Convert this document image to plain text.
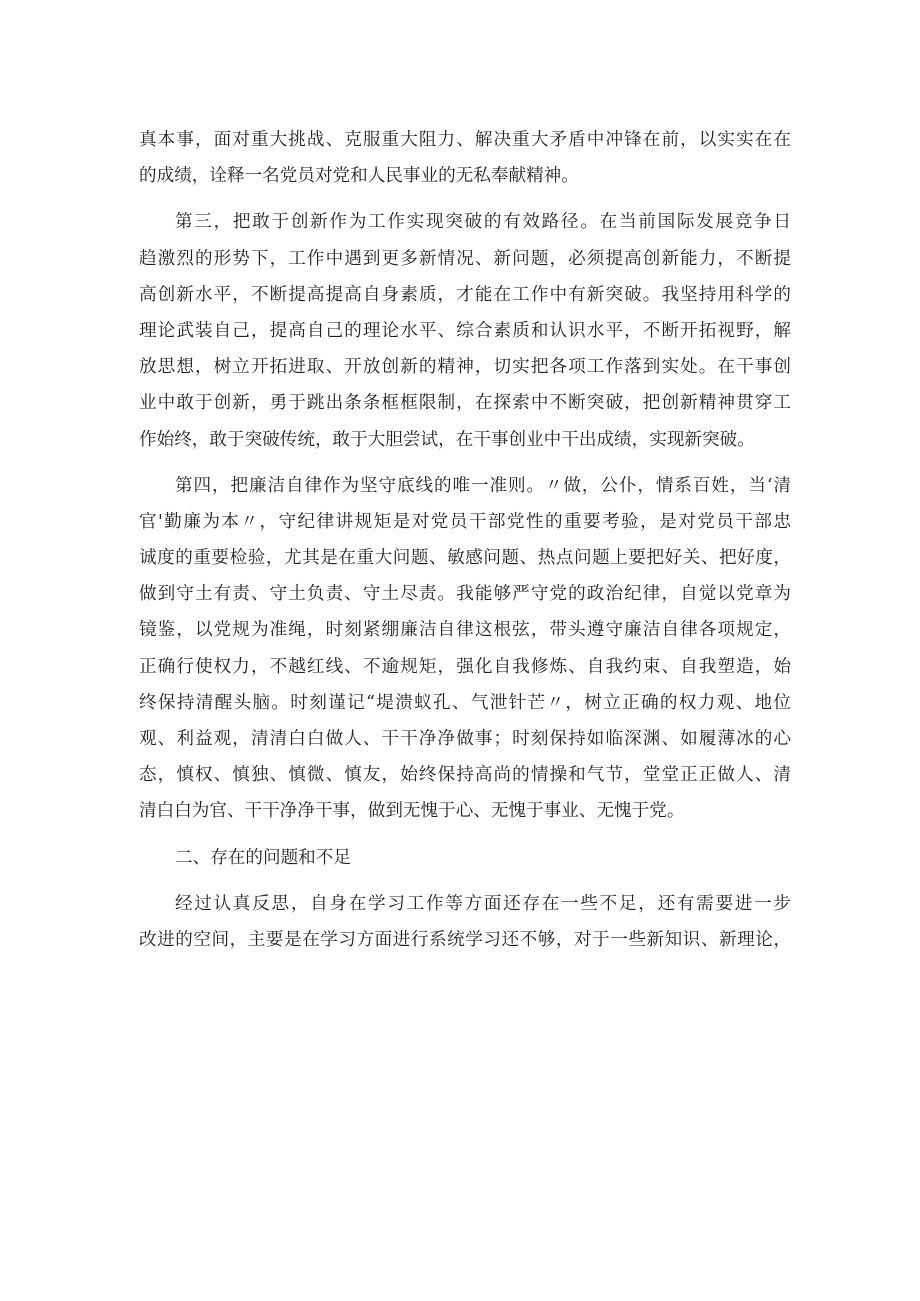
真本事，面对重大挑战、克服重大阻力、解决重大矛盾中冲锋在前，以实实在在
的成绩，诠释一名党员对党和人民事业的无私奉献精神。
第三，把敢于创新作为工作实现突破的有效路径。在当前国际发展竞争日
趋激烈的形势下，工作中遇到更多新情况、新问题，必须提高创新能力，不断提
高创新水平，不断提高提高自身素质，才能在工作中有新突破。我坚持用科学的
理论武装自己，提高自己的理论水平、综合素质和认识水平，不断开拓视野，解
放思想，树立开拓进取、开放创新的精神，切实把各项工作落到实处。在干事创
业中敢于创新，勇于跳出条条框框限制，在探索中不断突破，把创新精神贯穿工
作始终，敢于突破传统，敢于大胆尝试，在干事创业中干出成绩，实现新突破。
第四，把廉洁自律作为坚守底线的唯一准则。〃做，公仆，情系百姓，当‘清
官'勤廉为本〃，守纪律讲规矩是对党员干部党性的重要考验，是对党员干部忠
诚度的重要检验，尤其是在重大问题、敏感问题、热点问题上要把好关、把好度，
做到守土有责、守土负责、守土尽责。我能够严守党的政治纪律，自觉以党章为
镜鉴，以党规为准绳，时刻紧绷廉洁自律这根弦，带头遵守廉洁自律各项规定，
正确行使权力，不越红线、不逾规矩，强化自我修炼、自我约束、自我塑造，始
终保持清醒头脑。时刻谨记“堤溃蚁孔、气泄针芒〃，树立正确的权力观、地位
观、利益观，清清白白做人、干干净净做事；时刻保持如临深渊、如履薄冰的心
态，慎权、慎独、慎微、慎友，始终保持高尚的情操和气节，堂堂正正做人、清
清白白为官、干干净净干事，做到无愧于心、无愧于事业、无愧于党。
二、存在的问题和不足
经过认真反思，自身在学习工作等方面还存在一些不足，还有需要进一步
改进的空间，主要是在学习方面进行系统学习还不够，对于一些新知识、新理论，
